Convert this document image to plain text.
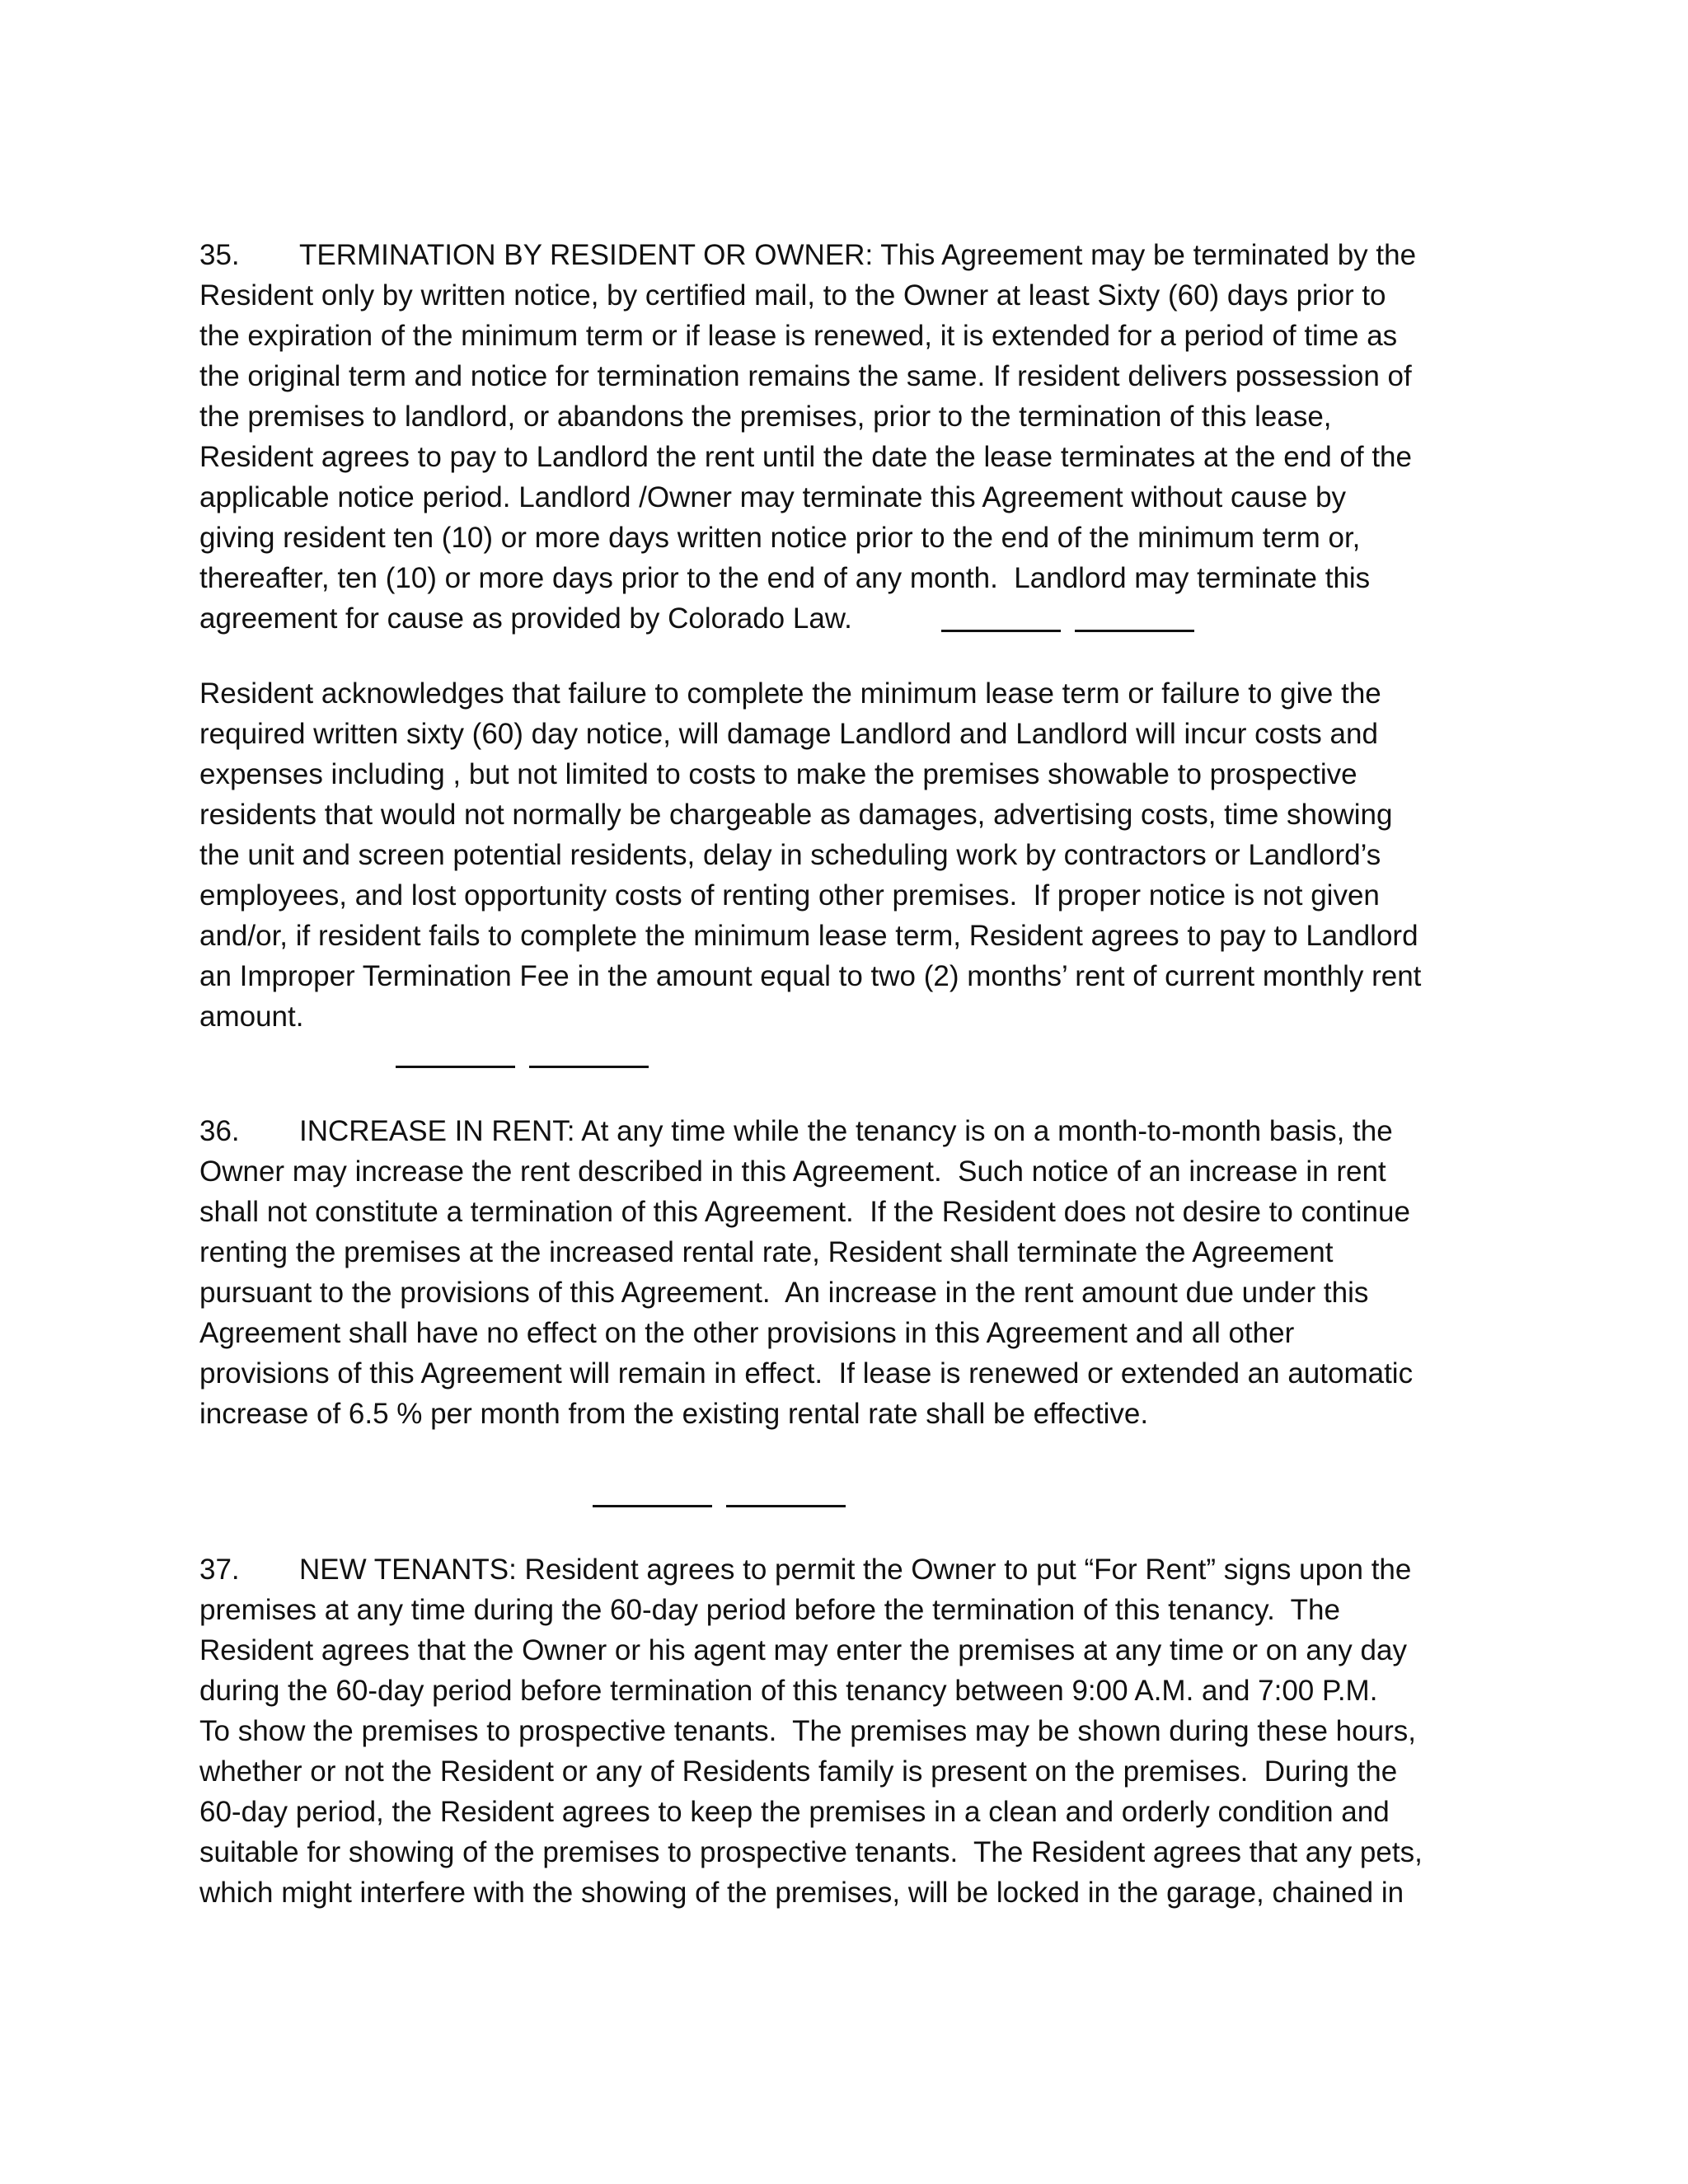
35. TERMINATION BY RESIDENT OR OWNER: This Agreement may be terminated by the
Resident only by written notice, by certified mail, to the Owner at least Sixty (60) days prior to
the expiration of the minimum term or if lease is renewed, it is extended for a period of time as
the original term and notice for termination remains the same. If resident delivers possession of
the premises to landlord, or abandons the premises, prior to the termination of this lease,
Resident agrees to pay to Landlord the rent until the date the lease terminates at the end of the
applicable notice period. Landlord /Owner may terminate this Agreement without cause by
giving resident ten (10) or more days written notice prior to the end of the minimum term or,
thereafter, ten (10) or more days prior to the end of any month.  Landlord may terminate this
agreement for cause as provided by Colorado Law.
Resident acknowledges that failure to complete the minimum lease term or failure to give the
required written sixty (60) day notice, will damage Landlord and Landlord will incur costs and
expenses including , but not limited to costs to make the premises showable to prospective
residents that would not normally be chargeable as damages, advertising costs, time showing
the unit and screen potential residents, delay in scheduling work by contractors or Landlord’s
employees, and lost opportunity costs of renting other premises.  If proper notice is not given
and/or, if resident fails to complete the minimum lease term, Resident agrees to pay to Landlord
an Improper Termination Fee in the amount equal to two (2) months’ rent of current monthly rent
amount.
36. INCREASE IN RENT: At any time while the tenancy is on a month-to-month basis, the
Owner may increase the rent described in this Agreement.  Such notice of an increase in rent
shall not constitute a termination of this Agreement.  If the Resident does not desire to continue
renting the premises at the increased rental rate, Resident shall terminate the Agreement
pursuant to the provisions of this Agreement.  An increase in the rent amount due under this
Agreement shall have no effect on the other provisions in this Agreement and all other
provisions of this Agreement will remain in effect.  If lease is renewed or extended an automatic
increase of 6.5 % per month from the existing rental rate shall be effective.
37. NEW TENANTS: Resident agrees to permit the Owner to put “For Rent” signs upon the
premises at any time during the 60-day period before the termination of this tenancy.  The
Resident agrees that the Owner or his agent may enter the premises at any time or on any day
during the 60-day period before termination of this tenancy between 9:00 A.M. and 7:00 P.M.
To show the premises to prospective tenants.  The premises may be shown during these hours,
whether or not the Resident or any of Residents family is present on the premises.  During the
60-day period, the Resident agrees to keep the premises in a clean and orderly condition and
suitable for showing of the premises to prospective tenants.  The Resident agrees that any pets,
which might interfere with the showing of the premises, will be locked in the garage, chained in
